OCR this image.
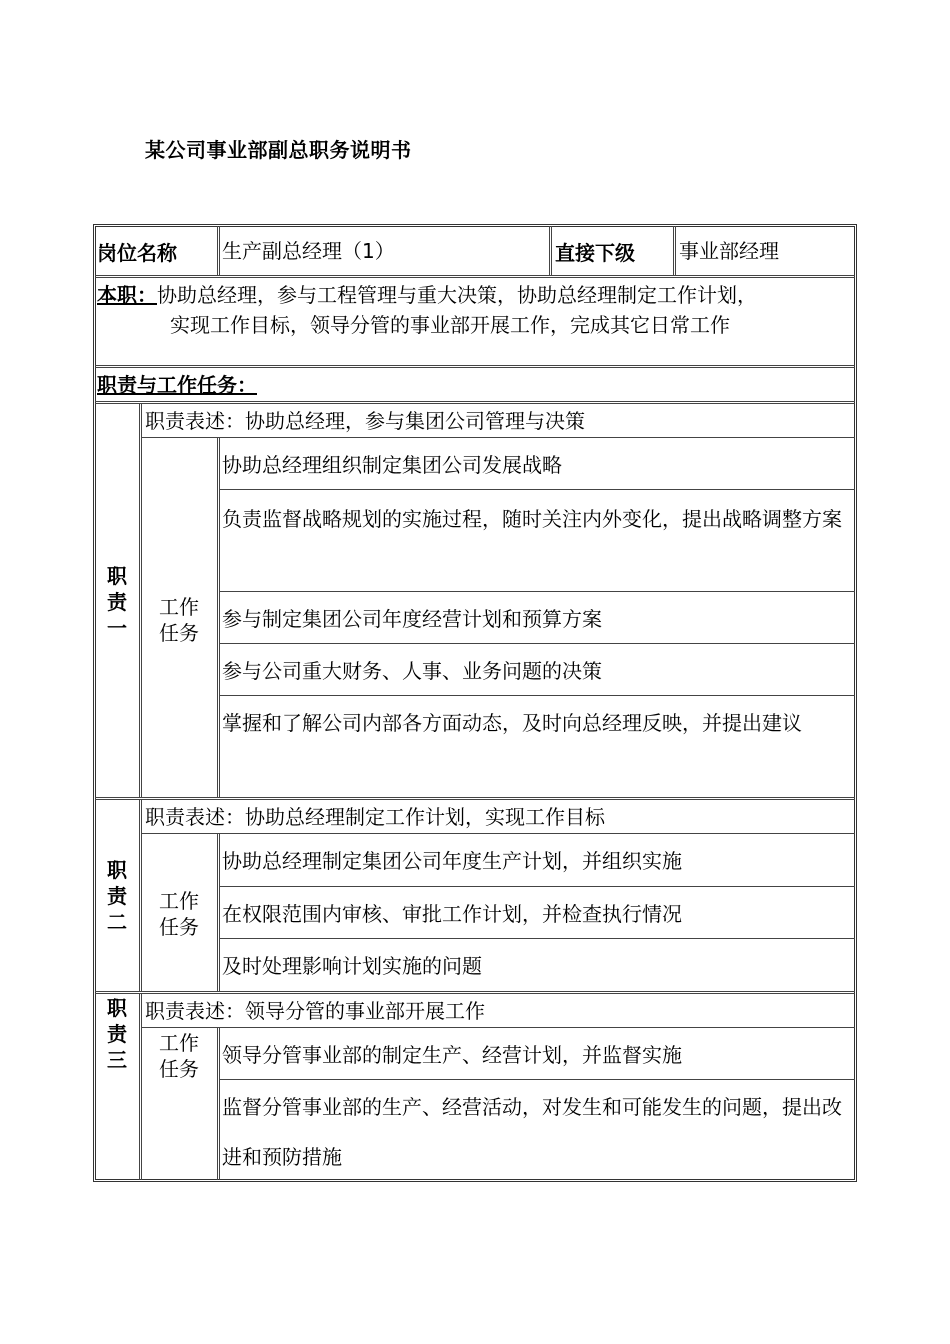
某公司事业部副总职务说明书
岗位名称 生产副总经理（1）	直接下级 事业部经理
本职：协助总经理，参与工程管理与重大决策，协助总经理制定工作计划，
实现工作目标，领导分管的事业部开展工作，完成其它日常工作
职责与工作任务：
职责一
工作任务
职责表述：协助总经理，参与集团公司管理与决策
协助总经理组织制定集团公司发展战略
负责监督战略规划的实施过程，随时关注内外变化，提出战略调整方案
参与制定集团公司年度经营计划和预算方案
参与公司重大财务、人事、业务问题的决策
掌握和了解公司内部各方面动态，及时向总经理反映，并提出建议
职责二
工作任务
职责表述：协助总经理制定工作计划，实现工作目标
协助总经理制定集团公司年度生产计划，并组织实施
在权限范围内审核、审批工作计划，并检查执行情况
及时处理影响计划实施的问题
职责三
工作任务
职责表述：领导分管的事业部开展工作
领导分管事业部的制定生产、经营计划，并监督实施
监督分管事业部的生产、经营活动，对发生和可能发生的问题，提出改进和预防措施
